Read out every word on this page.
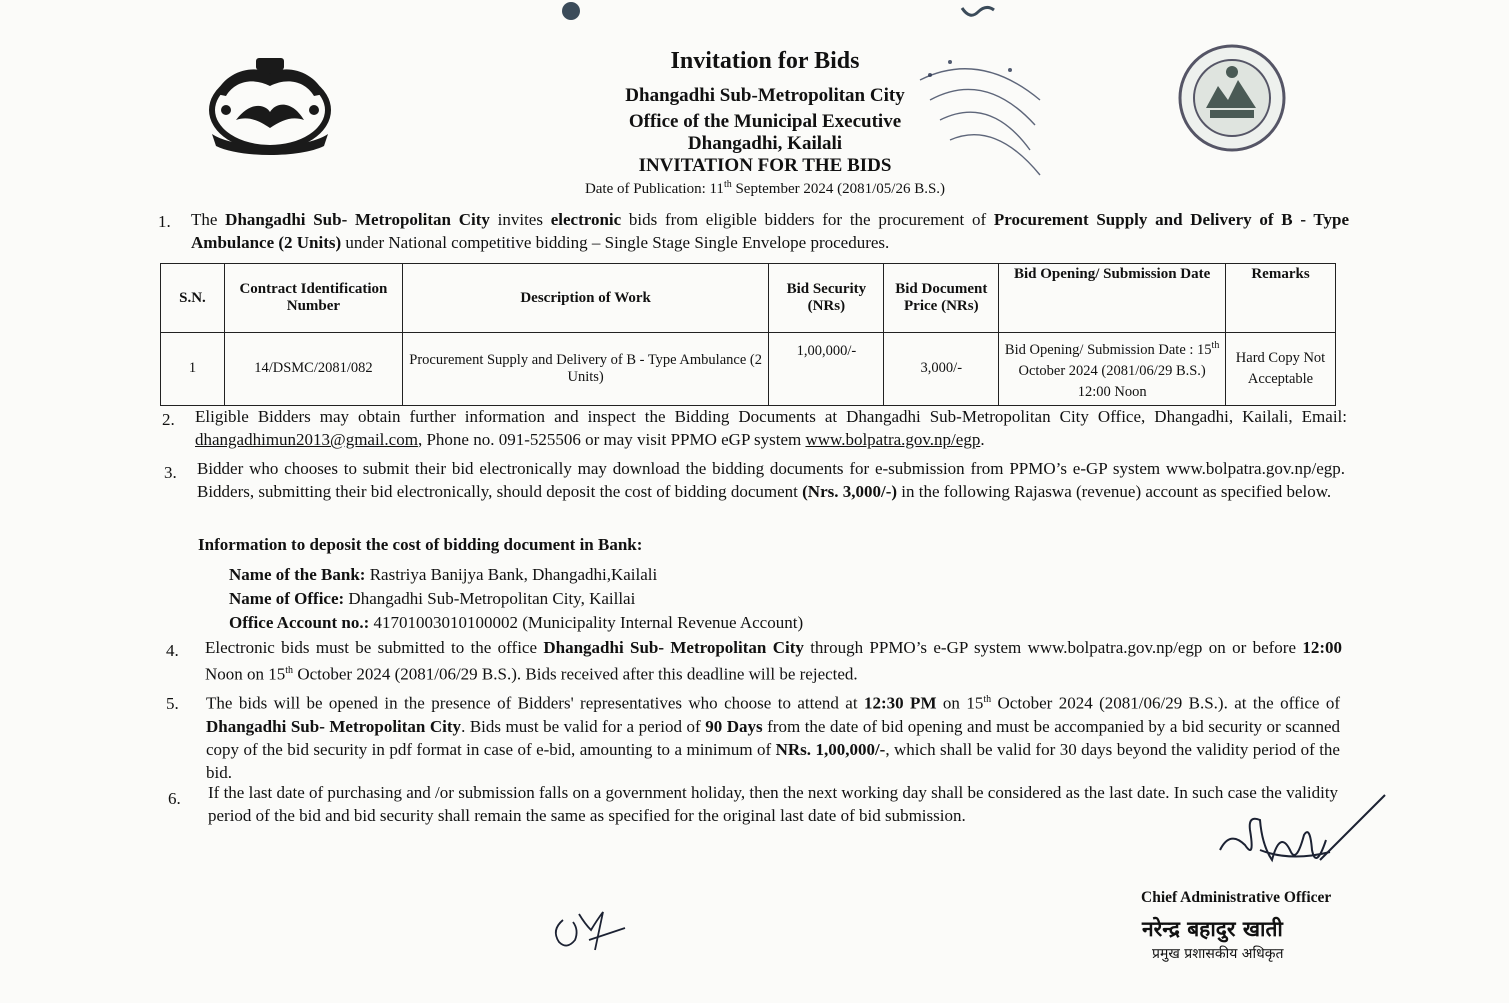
Invitation for Bids
Dhangadhi Sub-Metropolitan City
Office of the Municipal Executive
Dhangadhi, Kailali
INVITATION FOR THE BIDS
Date of Publication: 11th September 2024 (2081/05/26 B.S.)
1. The Dhangadhi Sub- Metropolitan City invites electronic bids from eligible bidders for the procurement of Procurement Supply and Delivery of B - Type Ambulance (2 Units) under National competitive bidding – Single Stage Single Envelope procedures.
S.N.	Contract Identification Number	Description of Work	Bid Security (NRs)	Bid Document Price (NRs)	Bid Opening/ Submission Date	Remarks
1	14/DSMC/2081/082	Procurement Supply and Delivery of B - Type Ambulance (2 Units)	1,00,000/-	3,000/-	Bid Opening/ Submission Date : 15th October 2024 (2081/06/29 B.S.) 12:00 Noon	Hard Copy Not Acceptable
2. Eligible Bidders may obtain further information and inspect the Bidding Documents at Dhangadhi Sub-Metropolitan City Office, Dhangadhi, Kailali, Email: dhangadhimun2013@gmail.com, Phone no. 091-525506 or may visit PPMO eGP system www.bolpatra.gov.np/egp.
3. Bidder who chooses to submit their bid electronically may download the bidding documents for e-submission from PPMO’s e-GP system www.bolpatra.gov.np/egp. Bidders, submitting their bid electronically, should deposit the cost of bidding document (Nrs. 3,000/-) in the following Rajaswa (revenue) account as specified below.
Information to deposit the cost of bidding document in Bank:
Name of the Bank: Rastriya Banijya Bank, Dhangadhi,Kailali
Name of Office: Dhangadhi Sub-Metropolitan City, Kaillai
Office Account no.: 41701003010100002 (Municipality Internal Revenue Account)
4. Electronic bids must be submitted to the office Dhangadhi Sub- Metropolitan City through PPMO’s e-GP system www.bolpatra.gov.np/egp on or before 12:00 Noon on 15th October 2024 (2081/06/29 B.S.). Bids received after this deadline will be rejected.
5. The bids will be opened in the presence of Bidders' representatives who choose to attend at 12:30 PM on 15th October 2024 (2081/06/29 B.S.). at the office of Dhangadhi Sub- Metropolitan City. Bids must be valid for a period of 90 Days from the date of bid opening and must be accompanied by a bid security or scanned copy of the bid security in pdf format in case of e-bid, amounting to a minimum of NRs. 1,00,000/-, which shall be valid for 30 days beyond the validity period of the bid.
6. If the last date of purchasing and /or submission falls on a government holiday, then the next working day shall be considered as the last date. In such case the validity period of the bid and bid security shall remain the same as specified for the original last date of bid submission.
Chief Administrative Officer
नरेन्द्र बहादुर खाती
प्रमुख प्रशासकीय अधिकृत
